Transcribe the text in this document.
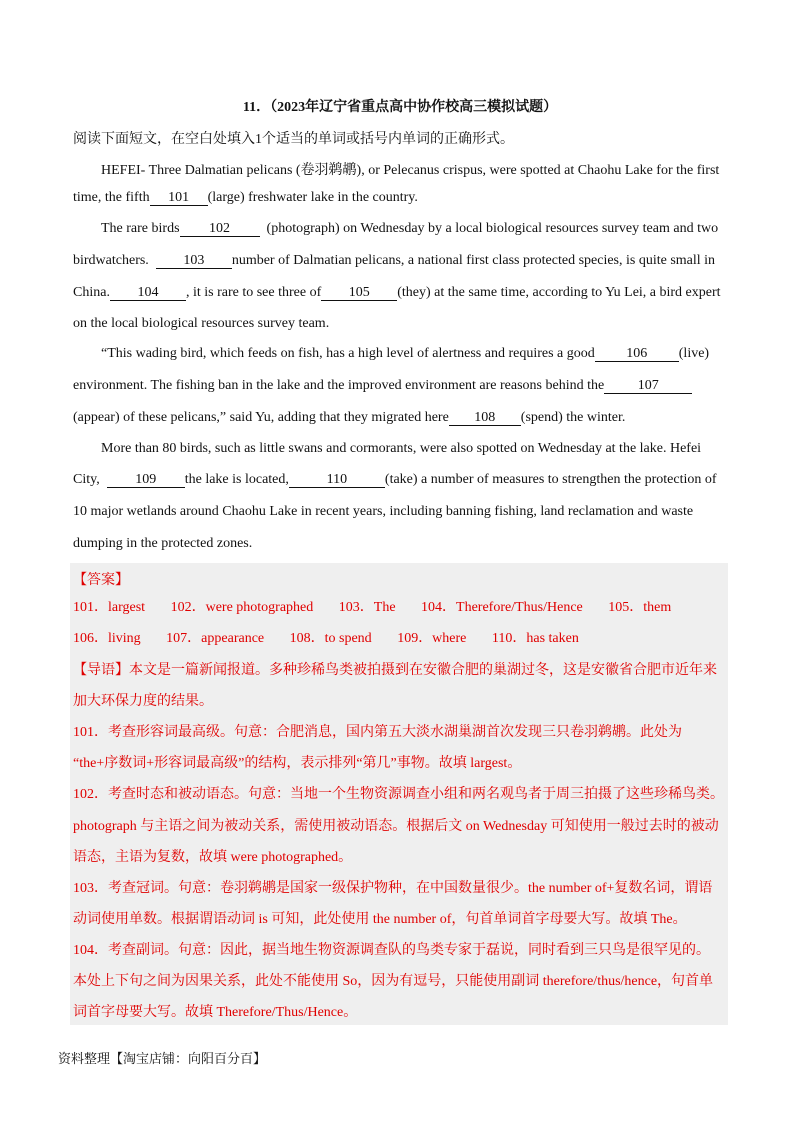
11．（2023年辽宁省重点高中协作校高三模拟试题）
阅读下面短文，在空白处填入1个适当的单词或括号内单词的正确形式。
HEFEI- Three Dalmatian pelicans (卷羽鹈鹕), or Pelecanus crispus, were spotted at Chaohu Lake for the first
time, the fifth 101 (large) freshwater lake in the country.
The rare birds 102	(photograph) on Wednesday by a local biological resources survey team and two
birdwatchers. 103 number of Dalmatian pelicans, a national first class protected species, is quite small in
China. 104 , it is rare to see three of 105 (they) at the same time, according to Yu Lei, a bird expert
on the local biological resources survey team.
“This wading bird, which feeds on fish, has a high level of alertness and requires a good 106 (live)
environment. The fishing ban in the lake and the improved environment are reasons behind the 107
(appear) of these pelicans,” said Yu, adding that they migrated here 108 (spend) the winter.
More than 80 birds, such as little swans and cormorants, were also spotted on Wednesday at the lake. Hefei
City,	109 the lake is located,	110	(take) a number of measures to strengthen the protection of
10 major wetlands around Chaohu Lake in recent years, including banning fishing, land reclamation and waste
dumping in the protected zones.
【答案】
101．largest 102．were photographed 103．The 104．Therefore/Thus/Hence 105．them
106．living 107．appearance 108．to spend 109．where 110．has taken
【导语】本文是一篇新闻报道。多种珍稀鸟类被拍摄到在安徽合肥的巢湖过冬，这是安徽省合肥市近年来
加大环保力度的结果。
101．考查形容词最高级。句意：合肥消息，国内第五大淡水湖巢湖首次发现三只卷羽鹈鹕。此处为
“the+序数词+形容词最高级”的结构，表示排列“第几”事物。故填 largest。
102．考查时态和被动语态。句意：当地一个生物资源调查小组和两名观鸟者于周三拍摄了这些珍稀鸟类。
photograph 与主语之间为被动关系，需使用被动语态。根据后文 on Wednesday 可知使用一般过去时的被动
语态，主语为复数，故填 were photographed。
103．考查冠词。句意：卷羽鹈鹕是国家一级保护物种，在中国数量很少。the number of+复数名词，谓语
动词使用单数。根据谓语动词 is 可知，此处使用 the number of，句首单词首字母要大写。故填 The。
104．考查副词。句意：因此，据当地生物资源调查队的鸟类专家于磊说，同时看到三只鸟是很罕见的。
本处上下句之间为因果关系，此处不能使用 So，因为有逗号，只能使用副词 therefore/thus/hence，句首单
词首字母要大写。故填 Therefore/Thus/Hence。
资料整理【淘宝店铺：向阳百分百】
